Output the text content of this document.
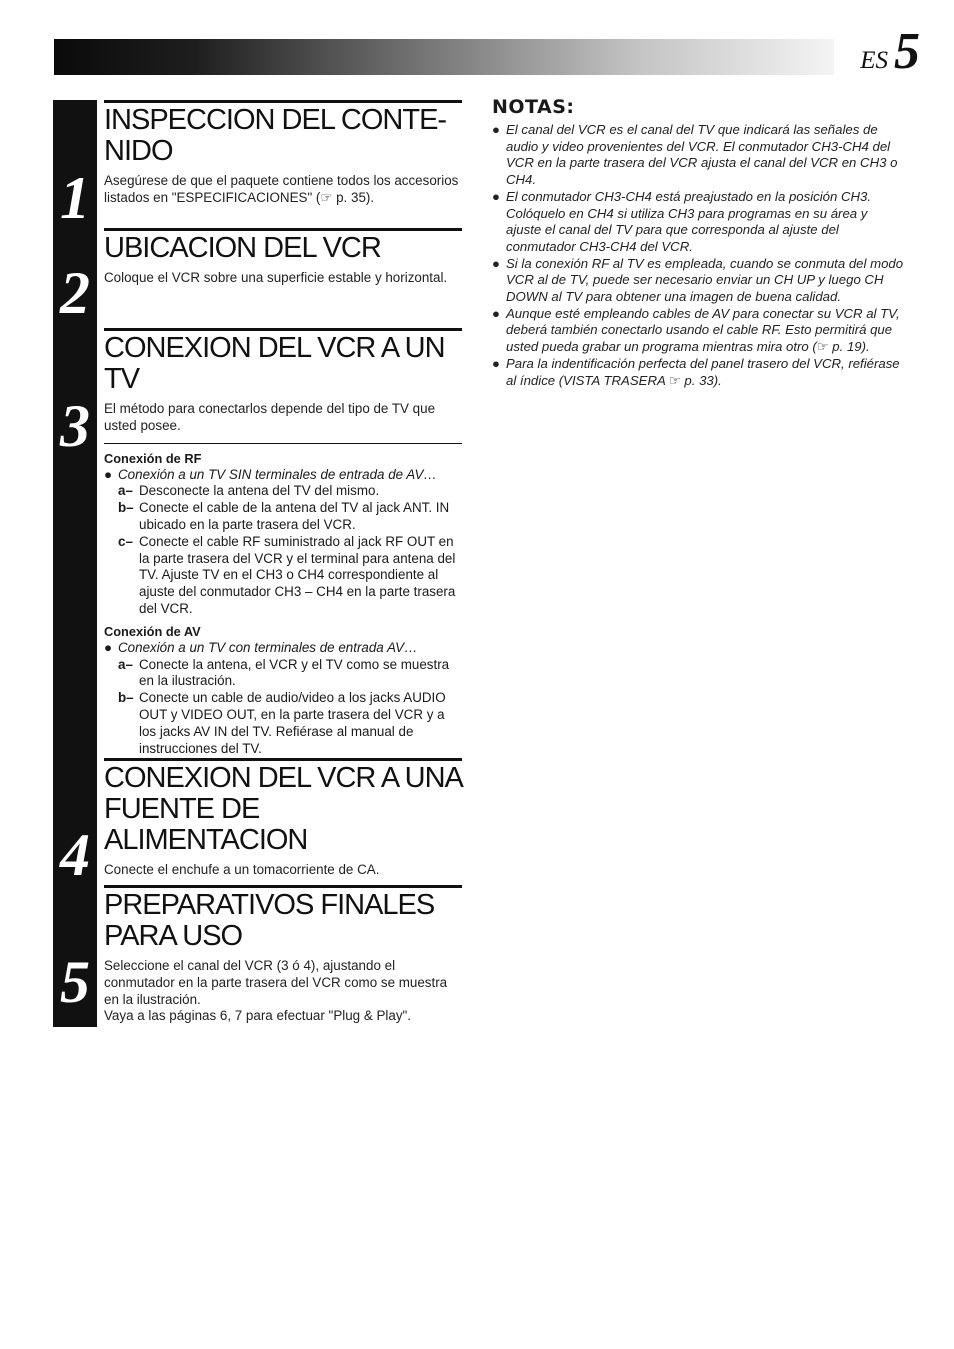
ES 5
1
2
3
4
5
INSPECCION DEL CONTE-
NIDO

Asegúrese de que el paquete contiene todos los accesorios listados en "ESPECIFICACIONES" (☞ p. 35).

UBICACION DEL VCR

Coloque el VCR sobre una superficie estable y horizontal.

CONEXION DEL VCR A UN TV

El método para conectarlos depende del tipo de TV que usted posee.

Conexión de RF

● Conexión a un TV SIN terminales de entrada de AV…
a– Desconecte la antena del TV del mismo.
b– Conecte el cable de la antena del TV al jack ANT. IN ubicado en la parte trasera del VCR.
c– Conecte el cable RF suministrado al jack RF OUT en la parte trasera del VCR y el terminal para antena del TV. Ajuste TV en el CH3 o CH4 correspondiente al ajuste del conmutador CH3 – CH4 en la parte trasera del VCR.

Conexión de AV

● Conexión a un TV con terminales de entrada AV…
a– Conecte la antena, el VCR y el TV como se muestra en la ilustración.
b– Conecte un cable de audio/video a los jacks AUDIO OUT y VIDEO OUT, en la parte trasera del VCR y a los jacks AV IN del TV. Refiérase al manual de instrucciones del TV.
CONEXION DEL VCR A UNA FUENTE DE ALIMENTACION

Conecte el enchufe a un tomacorriente de CA.

PREPARATIVOS FINALES PARA USO

Seleccione el canal del VCR (3 ó 4), ajustando el conmutador en la parte trasera del VCR como se muestra en la ilustración.

Vaya a las páginas 6, 7 para efectuar "Plug & Play".

NOTAS:
● El canal del VCR es el canal del TV que indicará las señales de audio y video provenientes del VCR. El conmutador CH3-CH4 del VCR en la parte trasera del VCR ajusta el canal del VCR en CH3 o CH4.
● El conmutador CH3-CH4 está preajustado en la posición CH3. Colóquelo en CH4 si utiliza CH3 para programas en su área y ajuste el canal del TV para que corresponda al ajuste del conmutador CH3-CH4 del VCR.
● Si la conexión RF al TV es empleada, cuando se conmuta del modo VCR al de TV, puede ser necesario enviar un CH UP y luego CH DOWN al TV para obtener una imagen de buena calidad.
● Aunque esté empleando cables de AV para conectar su VCR al TV, deberá también conectarlo usando el cable RF. Esto permitirá que usted pueda grabar un programa mientras mira otro (☞ p. 19).
● Para la indentificación perfecta del panel trasero del VCR, refiérase al índice (VISTA TRASERA ☞ p. 33).
